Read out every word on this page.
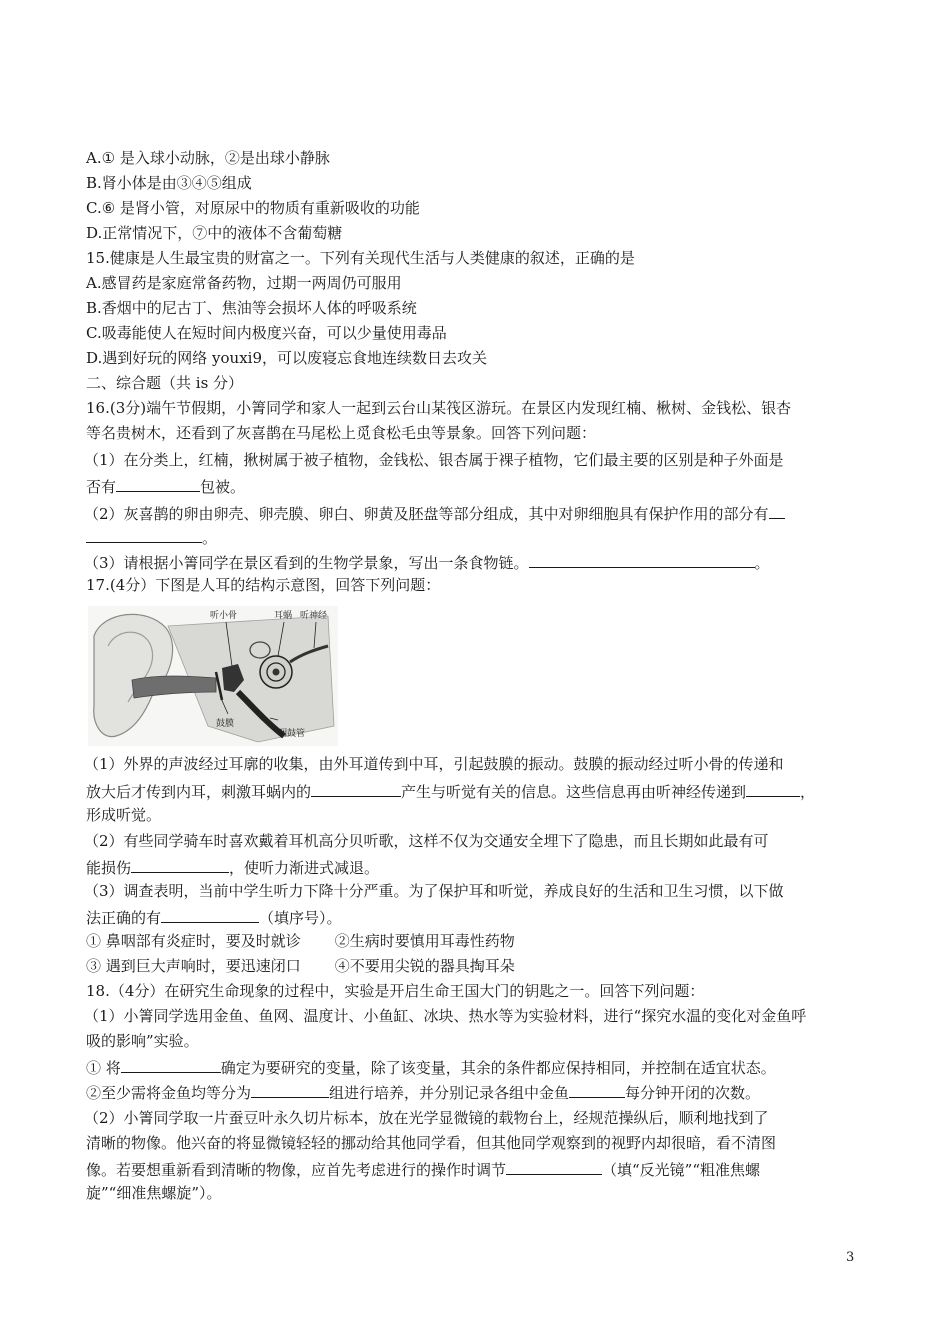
A.① 是入球小动脉，②是出球小静脉
B.肾小体是由③④⑤组成
C.⑥ 是肾小管，对原尿中的物质有重新吸收的功能
D.正常情况下，⑦中的液体不含葡萄糖
15.健康是人生最宝贵的财富之一。下列有关现代生活与人类健康的叙述，正确的是
A.感冒药是家庭常备药物，过期一两周仍可服用
B.香烟中的尼古丁、焦油等会损坏人体的呼吸系统
C.吸毒能使人在短时间内极度兴奋，可以少量使用毒品
D.遇到好玩的网络 youxi9，可以废寝忘食地连续数日去攻关
二、综合题（共 is 分）
16.(3分)端午节假期，小箐同学和家人一起到云台山某筏区游玩。在景区内发现红楠、楸树、金钱松、银杏
等名贵树木，还看到了灰喜鹊在马尾松上觅食松毛虫等景象。回答下列问题：
（1）在分类上，红楠，揪树属于被子植物，金钱松、银杏属于裸子植物，它们最主要的区别是种子外面是
否有	包被。
（2）灰喜鹊的卵由卵壳、卵壳膜、卵白、卵黄及胚盘等部分组成，其中对卵细胞具有保护作用的部分有
。
（3）请根据小箐同学在景区看到的生物学景象，写出一条食物链。	。
17.(4分）下图是人耳的结构示意图，回答下列问题：
听小骨	耳蜗 听神经
鼓膜
咽鼓管
（1）外界的声波经过耳廓的收集，由外耳道传到中耳，引起鼓膜的振动。鼓膜的振动经过听小骨的传递和
放大后才传到内耳，刺激耳蜗内的	产生与听觉有关的信息。这些信息再由听神经传递到	，
形成听觉。
（2）有些同学骑车时喜欢戴着耳机高分贝听歌，这样不仅为交通安全埋下了隐患，而且长期如此最有可
能损伤	，使听力渐进式减退。
（3）调查表明，当前中学生听力下降十分严重。为了保护耳和听觉，养成良好的生活和卫生习惯，以下做
法正确的有	（填序号）。
① 鼻咽部有炎症时，要及时就诊 ②生病时要慎用耳毒性药物
③ 遇到巨大声响时，要迅速闭口 ④不要用尖锐的器具掏耳朵
18.（4分）在研究生命现象的过程中，实验是开启生命王国大门的钥匙之一。回答下列问题：
（1）小箐同学选用金鱼、鱼网、温度计、小鱼缸、冰块、热水等为实验材料，进行“探究水温的变化对金鱼呼
吸的影响”实验。
① 将	确定为要研究的变量，除了该变量，其余的条件都应保持相同，并控制在适宜状态。
②至少需将金鱼均等分为	组进行培养，并分别记录各组中金鱼	每分钟开闭的次数。
（2）小箐同学取一片蚕豆叶永久切片标本，放在光学显微镜的载物台上，经规范操纵后，顺利地找到了
清晰的物像。他兴奋的将显微镜轻轻的挪动给其他同学看，但其他同学观察到的视野内却很暗，看不清图
像。若要想重新看到清晰的物像，应首先考虑进行的操作时调节	（填“反光镜”“粗准焦螺
旋”“细准焦螺旋”）。
3
